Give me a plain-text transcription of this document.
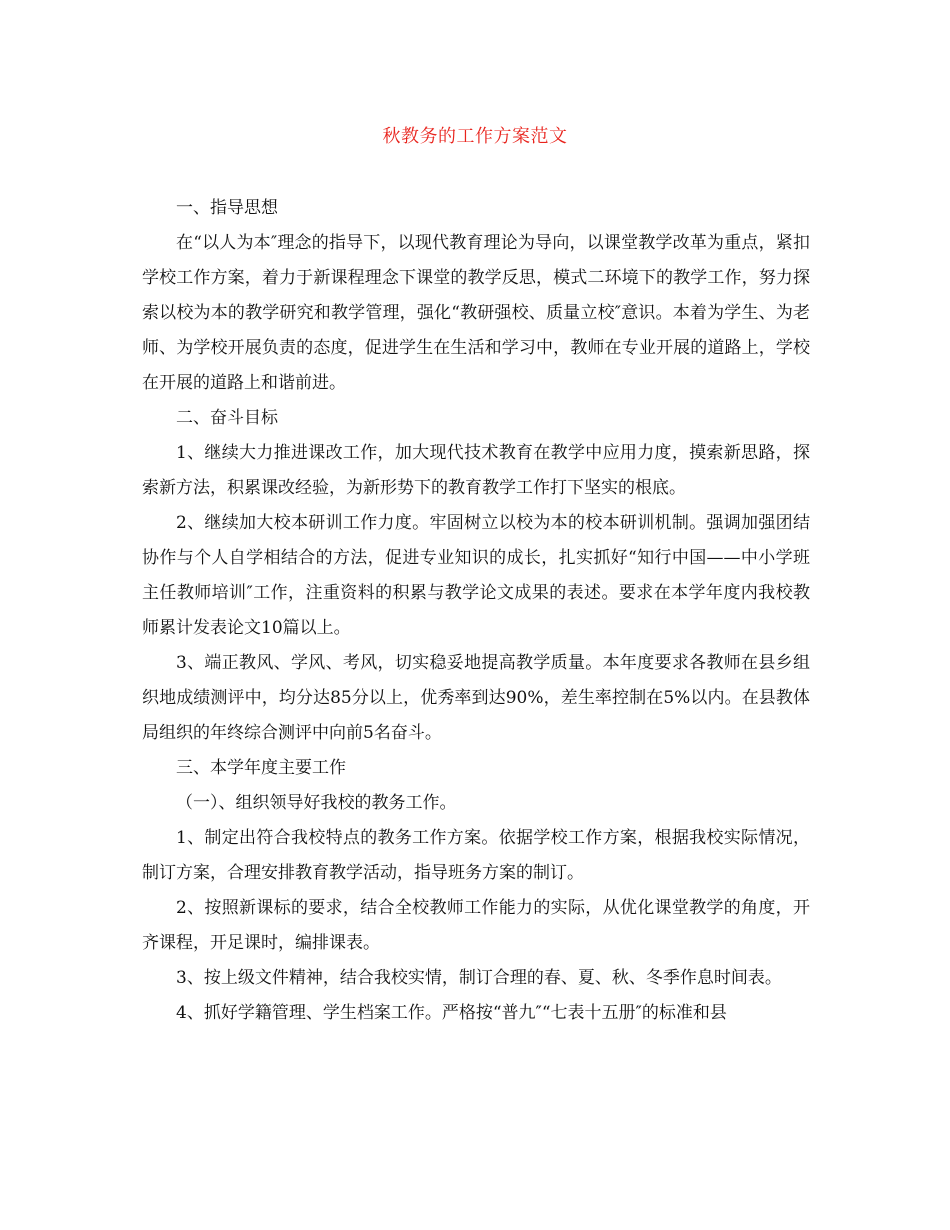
秋教务的工作方案范文

一、指导思想

在“以人为本″理念的指导下，以现代教育理论为导向，以课堂教学改革为重点，紧扣学校工作方案，着力于新课程理念下课堂的教学反思，模式二环境下的教学工作，努力探索以校为本的教学研究和教学管理，强化“教研强校、质量立校″意识。本着为学生、为老师、为学校开展负责的态度，促进学生在生活和学习中，教师在专业开展的道路上，学校在开展的道路上和谐前进。

二、奋斗目标

1、继续大力推进课改工作，加大现代技术教育在教学中应用力度，摸索新思路，探索新方法，积累课改经验，为新形势下的教育教学工作打下坚实的根底。

2、继续加大校本研训工作力度。牢固树立以校为本的校本研训机制。强调加强团结协作与个人自学相结合的方法，促进专业知识的成长，扎实抓好“知行中国——中小学班主任教师培训″工作，注重资料的积累与教学论文成果的表述。要求在本学年度内我校教师累计发表论文10篇以上。

3、端正教风、学风、考风，切实稳妥地提高教学质量。本年度要求各教师在县乡组织地成绩测评中，均分达85分以上，优秀率到达90%，差生率控制在5%以内。在县教体局组织的年终综合测评中向前5名奋斗。

三、本学年度主要工作

（一）、组织领导好我校的教务工作。

1、制定出符合我校特点的教务工作方案。依据学校工作方案，根据我校实际情况，制订方案，合理安排教育教学活动，指导班务方案的制订。

2、按照新课标的要求，结合全校教师工作能力的实际，从优化课堂教学的角度，开齐课程，开足课时，编排课表。

3、按上级文件精神，结合我校实情，制订合理的春、夏、秋、冬季作息时间表。

4、抓好学籍管理、学生档案工作。严格按“普九″“七表十五册″的标准和县
